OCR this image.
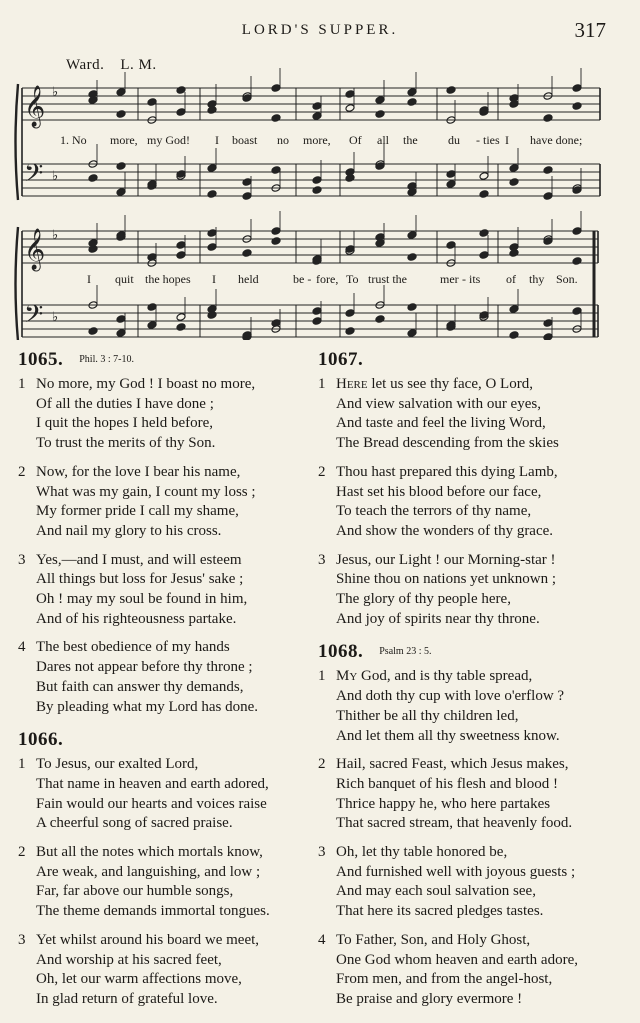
LORD'S SUPPER.	317
Ward. L. M.
𝄞
𝄢
♭
♭
𝄞
𝄢
♭
♭
1. No more, my God! I boast no more, Of all the	du - ties I have done;
I quit the hopes I held	be - fore, To trust the	mer - its of thy Son.
1065. $^{Phil. 3 : 7-10.}$
1 No more, my God ! I boast no more,
Of all the duties I have done ;
I quit the hopes I held before,
To trust the merits of thy Son.
2 Now, for the love I bear his name,
What was my gain, I count my loss ;
My former pride I call my shame,
And nail my glory to his cross.
3 Yes,—and I must, and will esteem
All things but loss for Jesus' sake ;
Oh ! may my soul be found in him,
And of his righteousness partake.
4 The best obedience of my hands
Dares not appear before thy throne ;
But faith can answer thy demands,
By pleading what my Lord has done.
1066.
1 To Jesus, our exalted Lord,
That name in heaven and earth adored,
Fain would our hearts and voices raise
A cheerful song of sacred praise.
2 But all the notes which mortals know,
Are weak, and languishing, and low ;
Far, far above our humble songs,
The theme demands immortal tongues.
3 Yet whilst around his board we meet,
And worship at his sacred feet,
Oh, let our warm affections move,
In glad return of grateful love.
1067.
1 Here let us see thy face, O Lord,
And view salvation with our eyes,
And taste and feel the living Word,
The Bread descending from the skies
2 Thou hast prepared this dying Lamb,
Hast set his blood before our face,
To teach the terrors of thy name,
And show the wonders of thy grace.
3 Jesus, our Light ! our Morning-star !
Shine thou on nations yet unknown ;
The glory of thy people here,
And joy of spirits near thy throne.
1068. $^{Psalm 23 : 5.}$
1 My God, and is thy table spread,
And doth thy cup with love o'erflow ?
Thither be all thy children led,
And let them all thy sweetness know.
2 Hail, sacred Feast, which Jesus makes,
Rich banquet of his flesh and blood !
Thrice happy he, who here partakes
That sacred stream, that heavenly food.
3 Oh, let thy table honored be,
And furnished well with joyous guests ;
And may each soul salvation see,
That here its sacred pledges tastes.
4 To Father, Son, and Holy Ghost,
One God whom heaven and earth adore,
From men, and from the angel-host,
Be praise and glory evermore !
